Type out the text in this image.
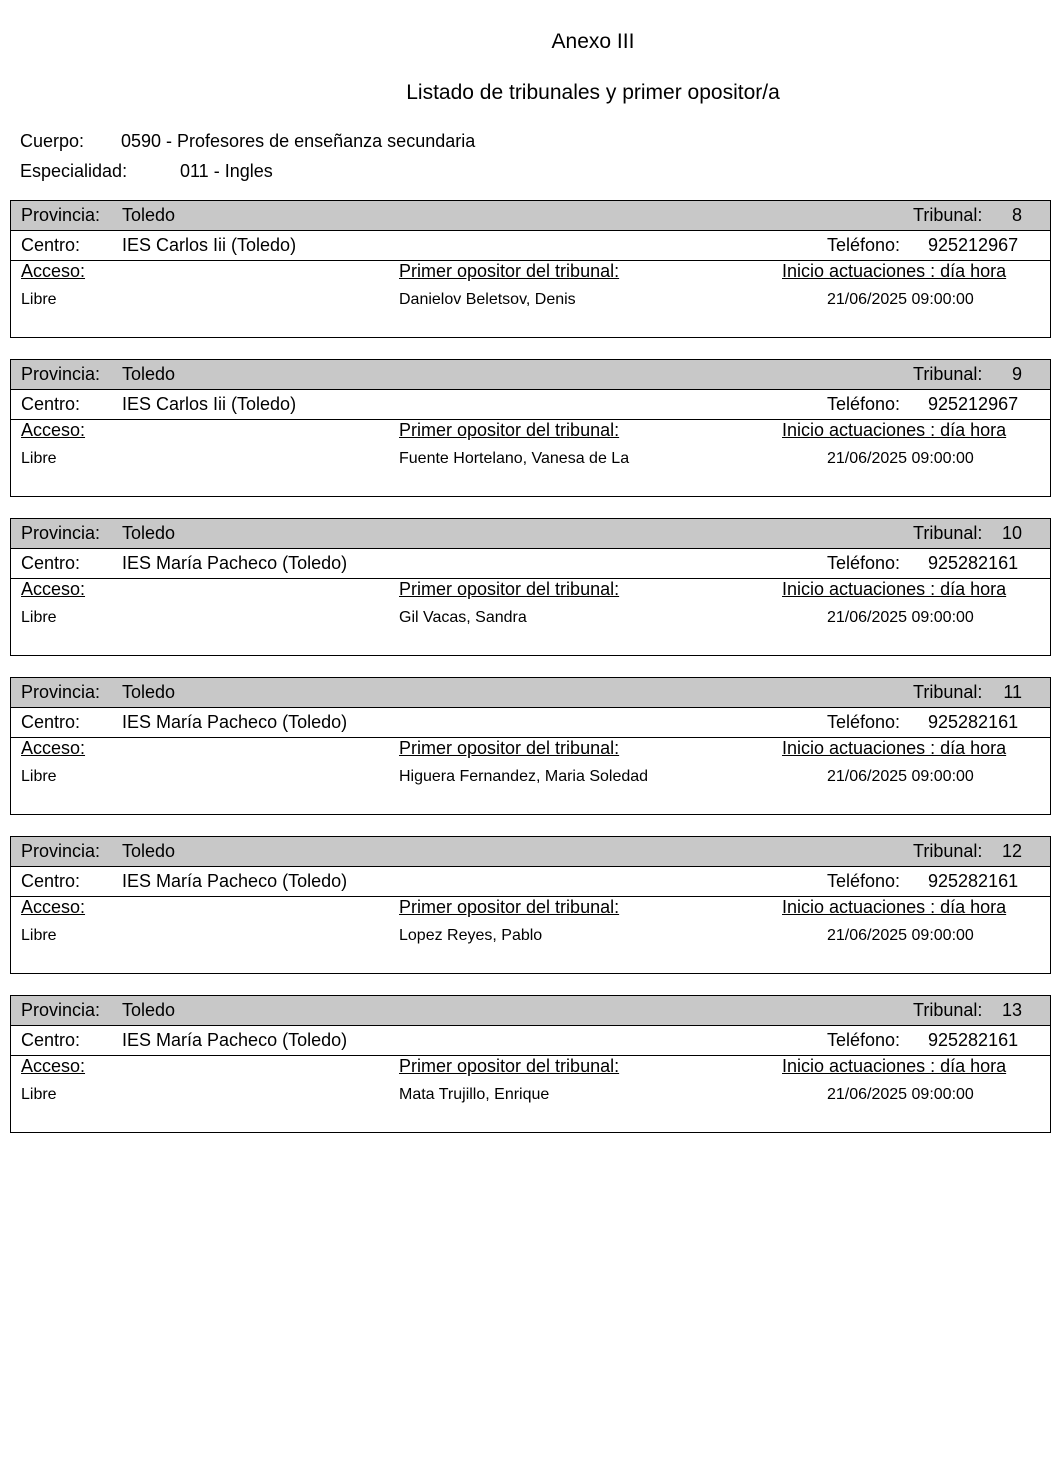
Anexo III
Listado de tribunales y primer opositor/a
Cuerpo: 0590 - Profesores de enseñanza secundaria
Especialidad:	011 - Ingles
Provincia: Toledo	Tribunal: 8
Centro: IES Carlos Iii (Toledo)	Teléfono: 925212967
Acceso:	Primer opositor del tribunal:	Inicio actuaciones : día hora
Libre	Danielov Beletsov, Denis	21/06/2025 09:00:00
Provincia: Toledo	Tribunal: 9
Centro: IES Carlos Iii (Toledo)	Teléfono: 925212967
Acceso:	Primer opositor del tribunal:	Inicio actuaciones : día hora
Libre	Fuente Hortelano, Vanesa de La	21/06/2025 09:00:00
Provincia: Toledo	Tribunal: 10
Centro: IES María Pacheco (Toledo)	Teléfono: 925282161
Acceso:	Primer opositor del tribunal:	Inicio actuaciones : día hora
Libre	Gil Vacas, Sandra	21/06/2025 09:00:00
Provincia: Toledo	Tribunal: 11
Centro: IES María Pacheco (Toledo)	Teléfono: 925282161
Acceso:	Primer opositor del tribunal:	Inicio actuaciones : día hora
Libre	Higuera Fernandez, Maria Soledad	21/06/2025 09:00:00
Provincia: Toledo	Tribunal: 12
Centro: IES María Pacheco (Toledo)	Teléfono: 925282161
Acceso:	Primer opositor del tribunal:	Inicio actuaciones : día hora
Libre	Lopez Reyes, Pablo	21/06/2025 09:00:00
Provincia: Toledo	Tribunal: 13
Centro: IES María Pacheco (Toledo)	Teléfono: 925282161
Acceso:	Primer opositor del tribunal:	Inicio actuaciones : día hora
Libre	Mata Trujillo, Enrique	21/06/2025 09:00:00
